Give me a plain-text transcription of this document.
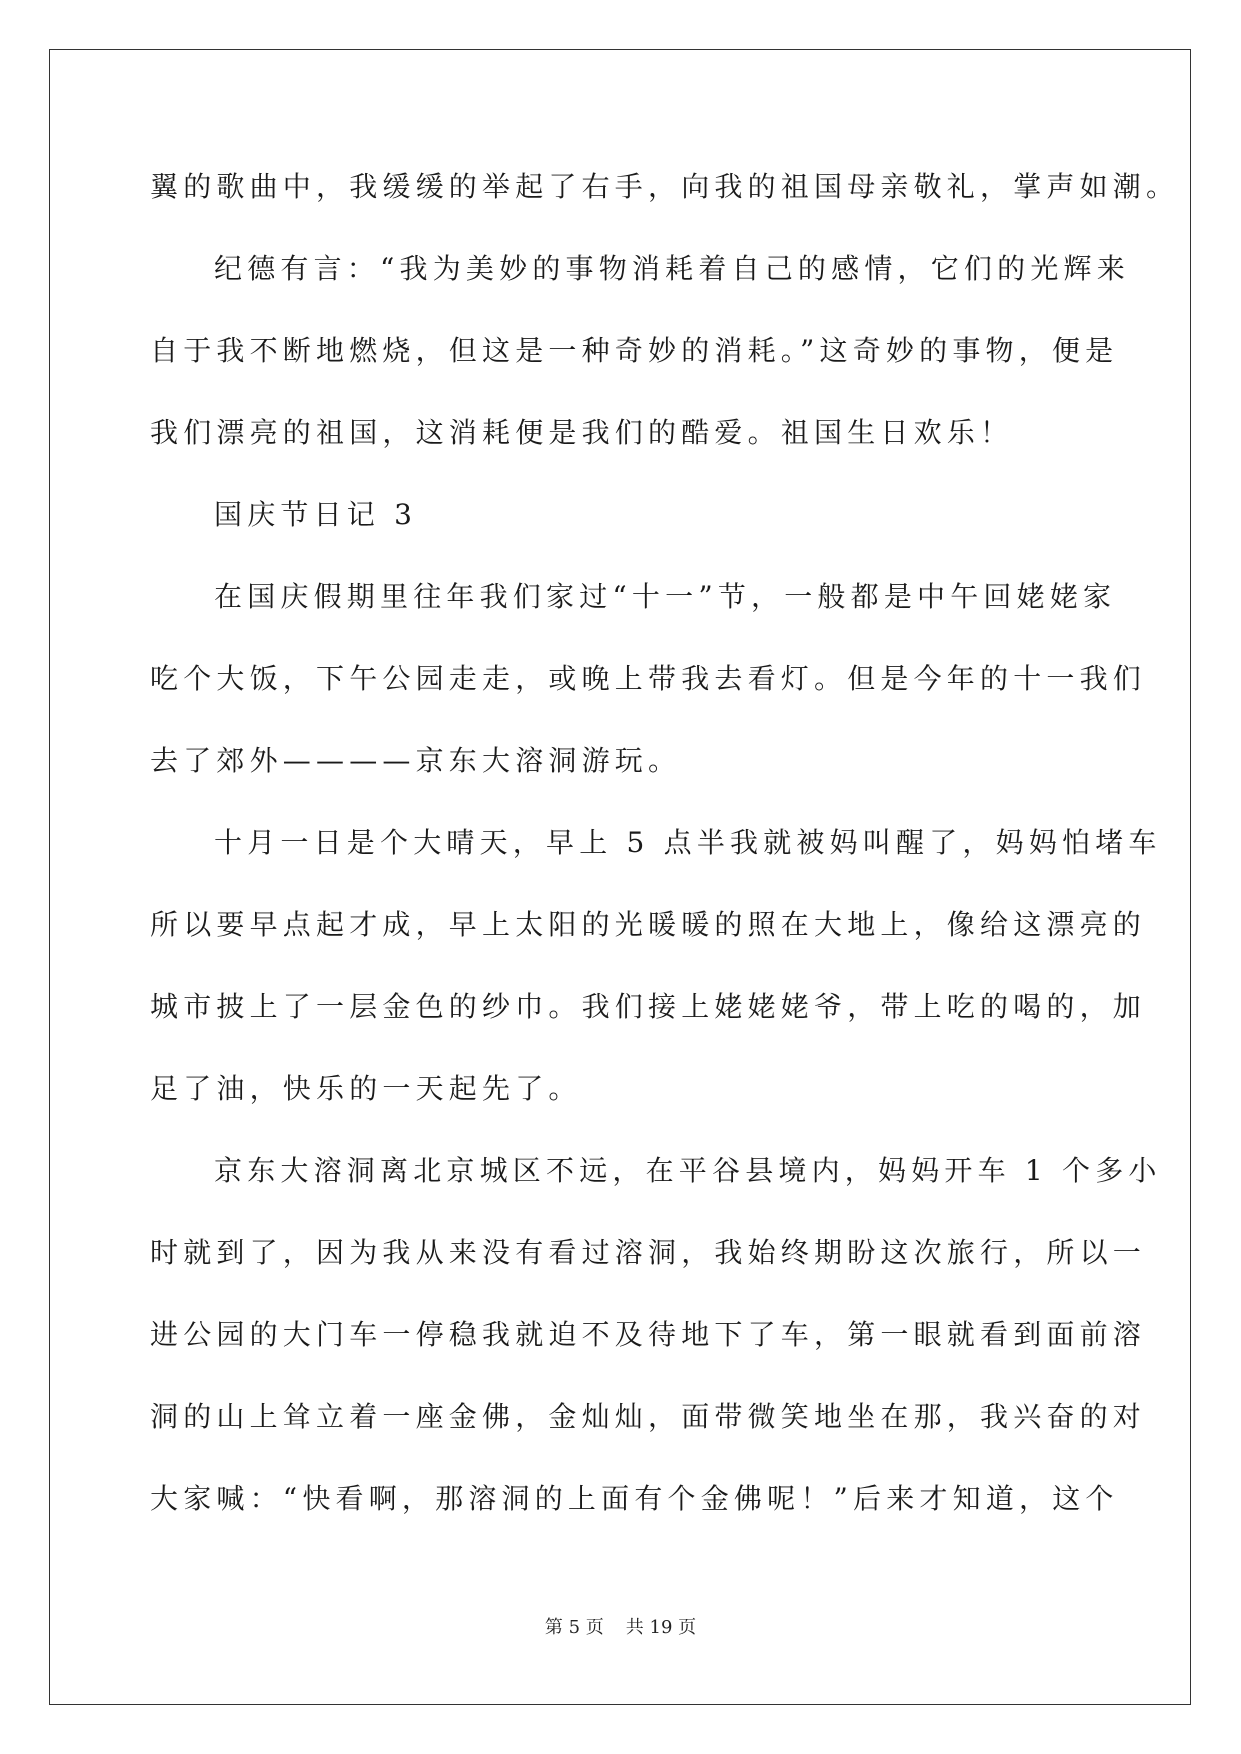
翼的歌曲中，我缓缓的举起了右手，向我的祖国母亲敬礼，掌声如潮。
纪德有言：“我为美妙的事物消耗着自己的感情，它们的光辉来
自于我不断地燃烧，但这是一种奇妙的消耗。”这奇妙的事物，便是
我们漂亮的祖国，这消耗便是我们的酷爱。祖国生日欢乐！
国庆节日记 3
在国庆假期里往年我们家过“十一”节，一般都是中午回姥姥家
吃个大饭，下午公园走走，或晚上带我去看灯。但是今年的十一我们
去了郊外————京东大溶洞游玩。
十月一日是个大晴天，早上 5 点半我就被妈叫醒了，妈妈怕堵车
所以要早点起才成，早上太阳的光暖暖的照在大地上，像给这漂亮的
城市披上了一层金色的纱巾。我们接上姥姥姥爷，带上吃的喝的，加
足了油，快乐的一天起先了。
京东大溶洞离北京城区不远，在平谷县境内，妈妈开车 1 个多小
时就到了，因为我从来没有看过溶洞，我始终期盼这次旅行，所以一
进公园的大门车一停稳我就迫不及待地下了车，第一眼就看到面前溶
洞的山上耸立着一座金佛，金灿灿，面带微笑地坐在那，我兴奋的对
大家喊：“快看啊，那溶洞的上面有个金佛呢！”后来才知道，这个
第 5 页 共 19 页
